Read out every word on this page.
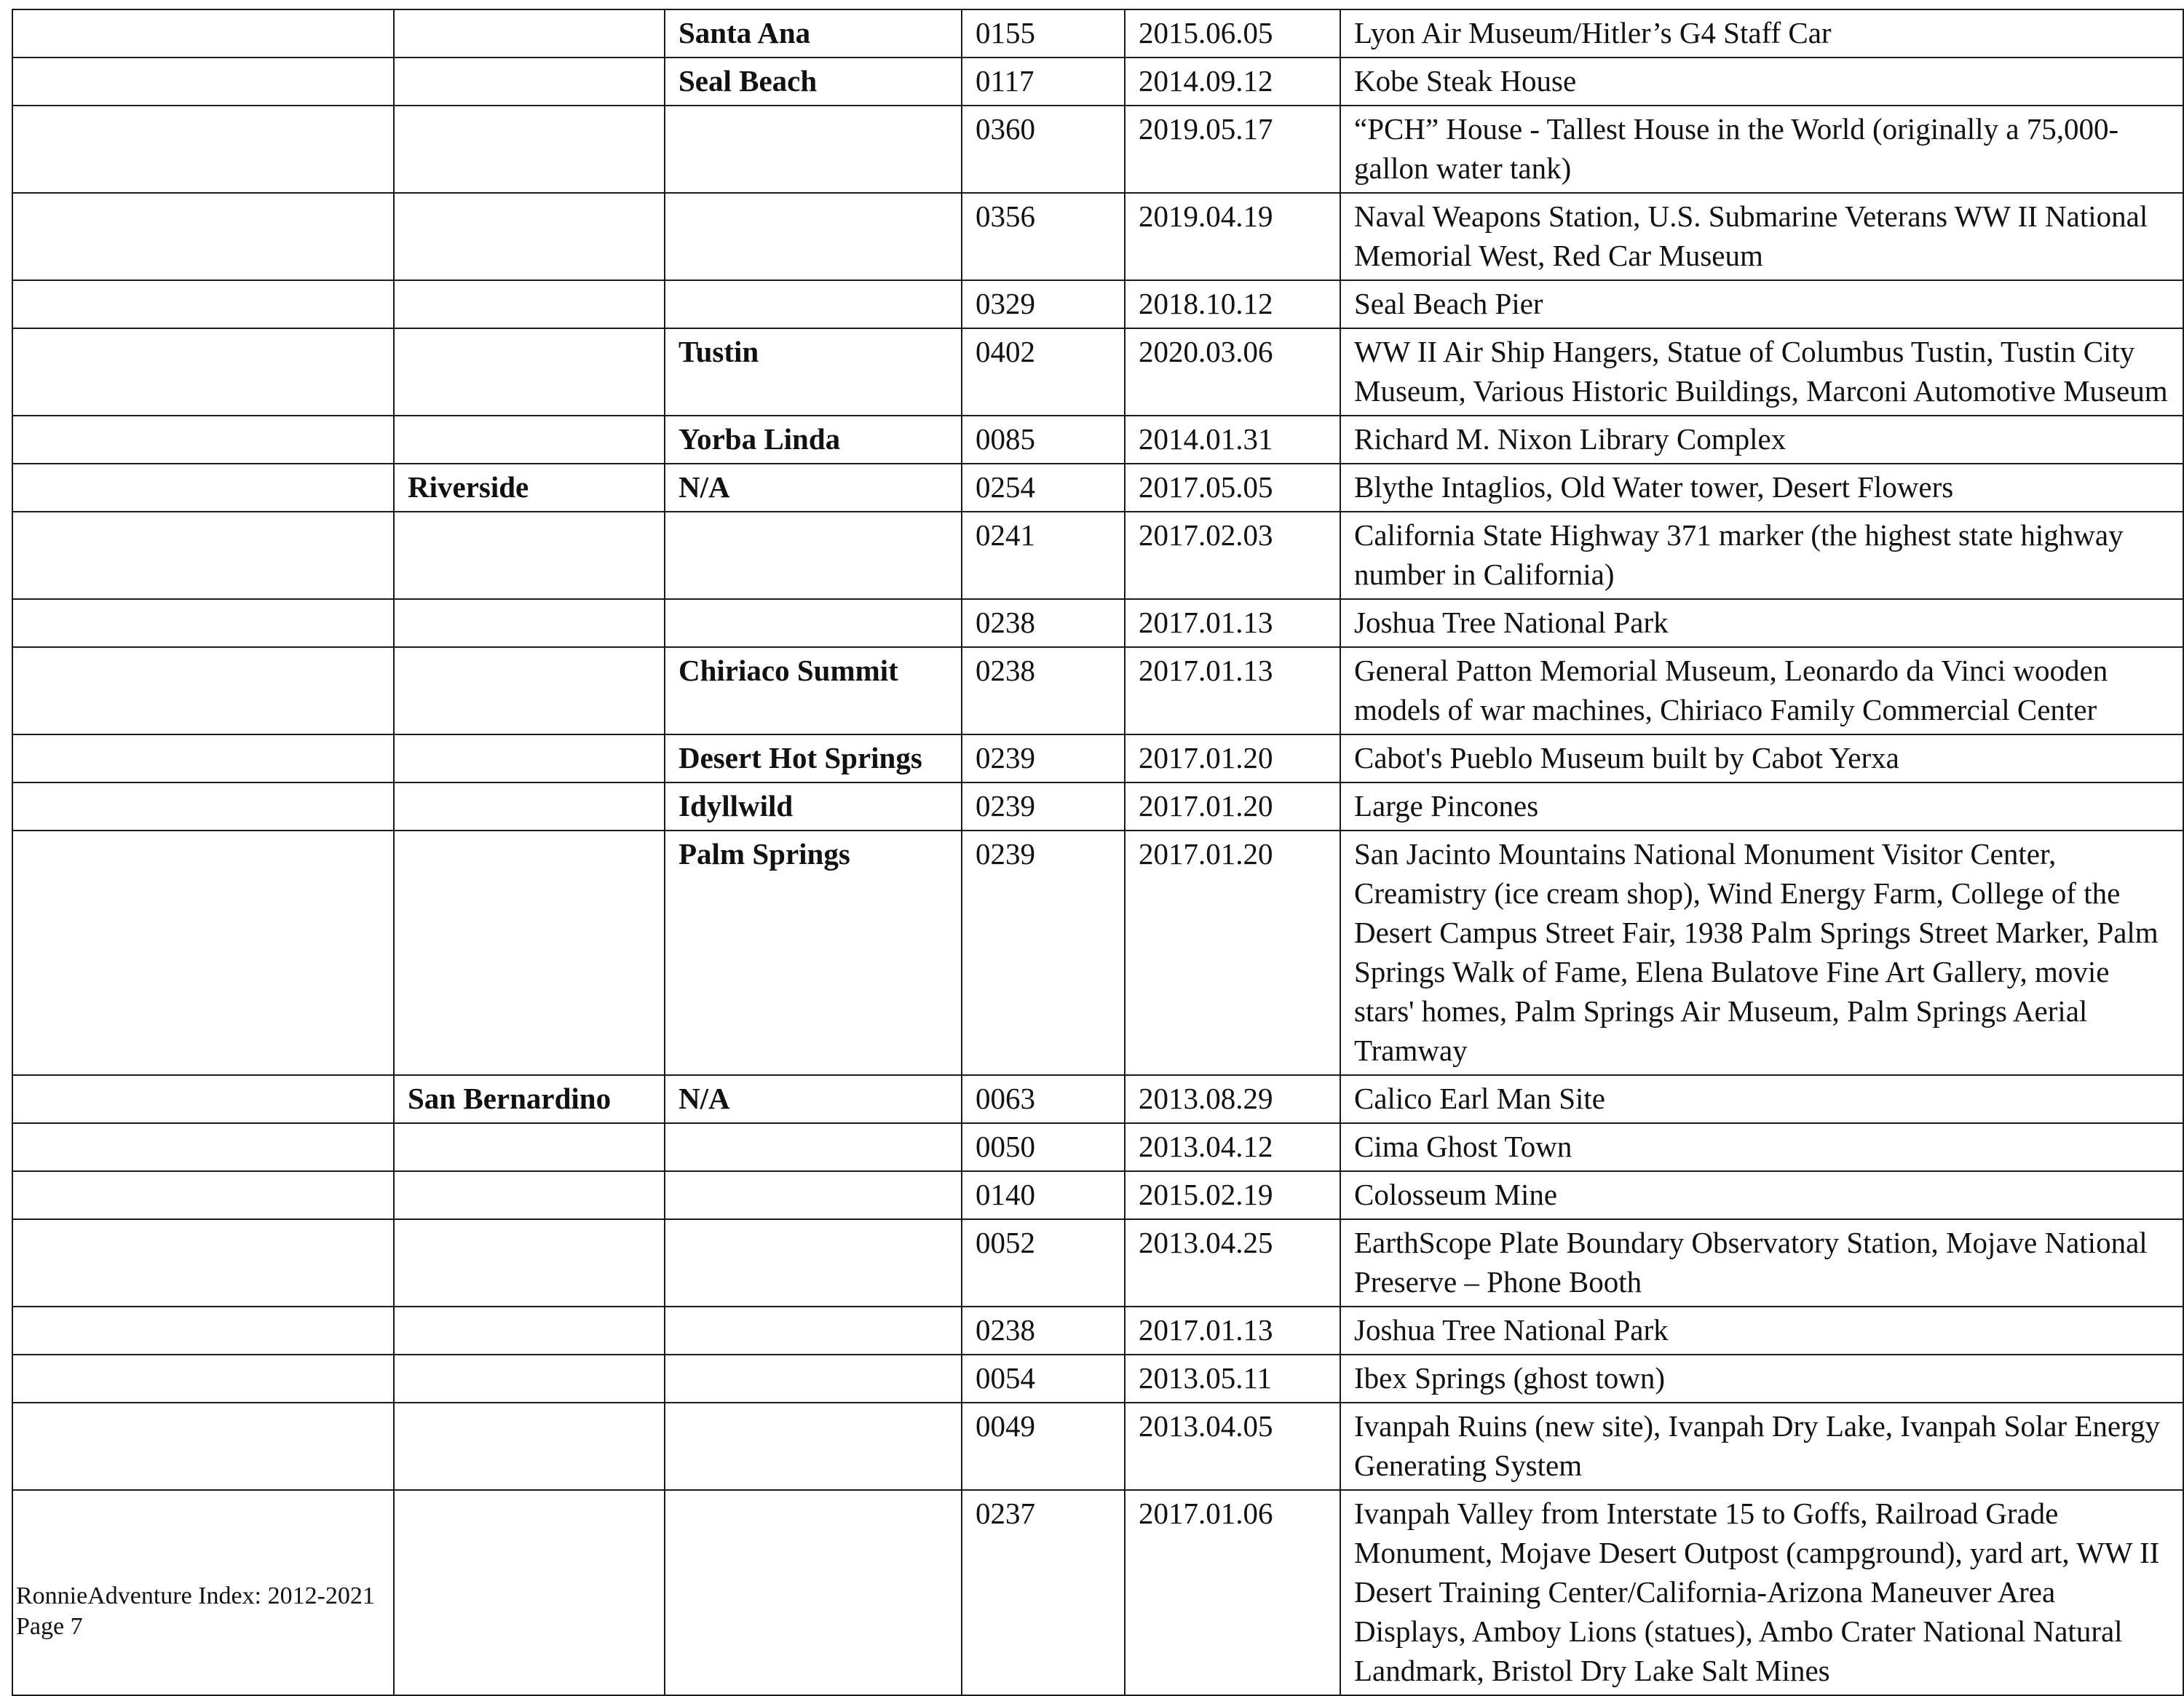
		Santa Ana	0155	2015.06.05	Lyon Air Museum/Hitler’s G4 Staff Car
		Seal Beach	0117	2014.09.12	Kobe Steak House
			0360	2019.05.17	“PCH” House - Tallest House in the World (originally a 75,000-gallon water tank)
			0356	2019.04.19	Naval Weapons Station, U.S. Submarine Veterans WW II National Memorial West, Red Car Museum
			0329	2018.10.12	Seal Beach Pier
		Tustin	0402	2020.03.06	WW II Air Ship Hangers, Statue of Columbus Tustin, Tustin City Museum, Various Historic Buildings, Marconi Automotive Museum
		Yorba Linda	0085	2014.01.31	Richard M. Nixon Library Complex
	Riverside	N/A	0254	2017.05.05	Blythe Intaglios, Old Water tower, Desert Flowers
			0241	2017.02.03	California State Highway 371 marker (the highest state highway number in California)
			0238	2017.01.13	Joshua Tree National Park
		Chiriaco Summit	0238	2017.01.13	General Patton Memorial Museum, Leonardo da Vinci wooden models of war machines, Chiriaco Family Commercial Center
		Desert Hot Springs	0239	2017.01.20	Cabot's Pueblo Museum built by Cabot Yerxa
		Idyllwild	0239	2017.01.20	Large Pincones
		Palm Springs	0239	2017.01.20	San Jacinto Mountains National Monument Visitor Center, Creamistry (ice cream shop), Wind Energy Farm, College of the Desert Campus Street Fair, 1938 Palm Springs Street Marker, Palm Springs Walk of Fame, Elena Bulatove Fine Art Gallery, movie stars' homes, Palm Springs Air Museum, Palm Springs Aerial Tramway
	San Bernardino	N/A	0063	2013.08.29	Calico Earl Man Site
			0050	2013.04.12	Cima Ghost Town
			0140	2015.02.19	Colosseum Mine
			0052	2013.04.25	EarthScope Plate Boundary Observatory Station, Mojave National Preserve – Phone Booth
			0238	2017.01.13	Joshua Tree National Park
			0054	2013.05.11	Ibex Springs (ghost town)
			0049	2013.04.05	Ivanpah Ruins (new site), Ivanpah Dry Lake, Ivanpah Solar Energy Generating System
			0237	2017.01.06	Ivanpah Valley from Interstate 15 to Goffs, Railroad Grade Monument, Mojave Desert Outpost (campground), yard art, WW II Desert Training Center/California-Arizona Maneuver Area Displays, Amboy Lions (statues), Ambo Crater National Natural Landmark, Bristol Dry Lake Salt Mines
RonnieAdventure Index: 2012-2021
Page 7
